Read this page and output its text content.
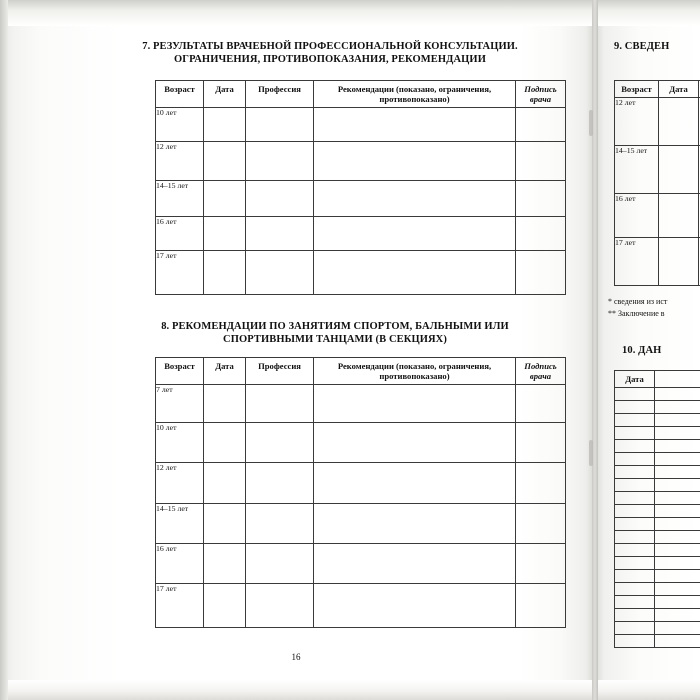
7. РЕЗУЛЬТАТЫ ВРАЧЕБНОЙ ПРОФЕССИОНАЛЬНОЙ КОНСУЛЬТАЦИИ.
ОГРАНИЧЕНИЯ, ПРОТИВОПОКАЗАНИЯ, РЕКОМЕНДАЦИИ
Возраст	Дата	Профессия	Рекомендации (показано, ограничения, противопоказано)	Подпись врача
10 лет				
12 лет				
14–15 лет				
16 лет				
17 лет				
8. РЕКОМЕНДАЦИИ ПО ЗАНЯТИЯМ СПОРТОМ, БАЛЬНЫМИ ИЛИ
СПОРТИВНЫМИ ТАНЦАМИ (В СЕКЦИЯХ)
Возраст	Дата	Профессия	Рекомендации (показано, ограничения, противопоказано)	Подпись врача
7 лет				
10 лет				
12 лет				
14–15 лет				
16 лет				
17 лет				
16
9. СВЕДЕН
Возраст	Дата	
12 лет		
14–15 лет		
16 лет		
17 лет		
* сведения из ист
** Заключение в
10. ДАН
Дата	
